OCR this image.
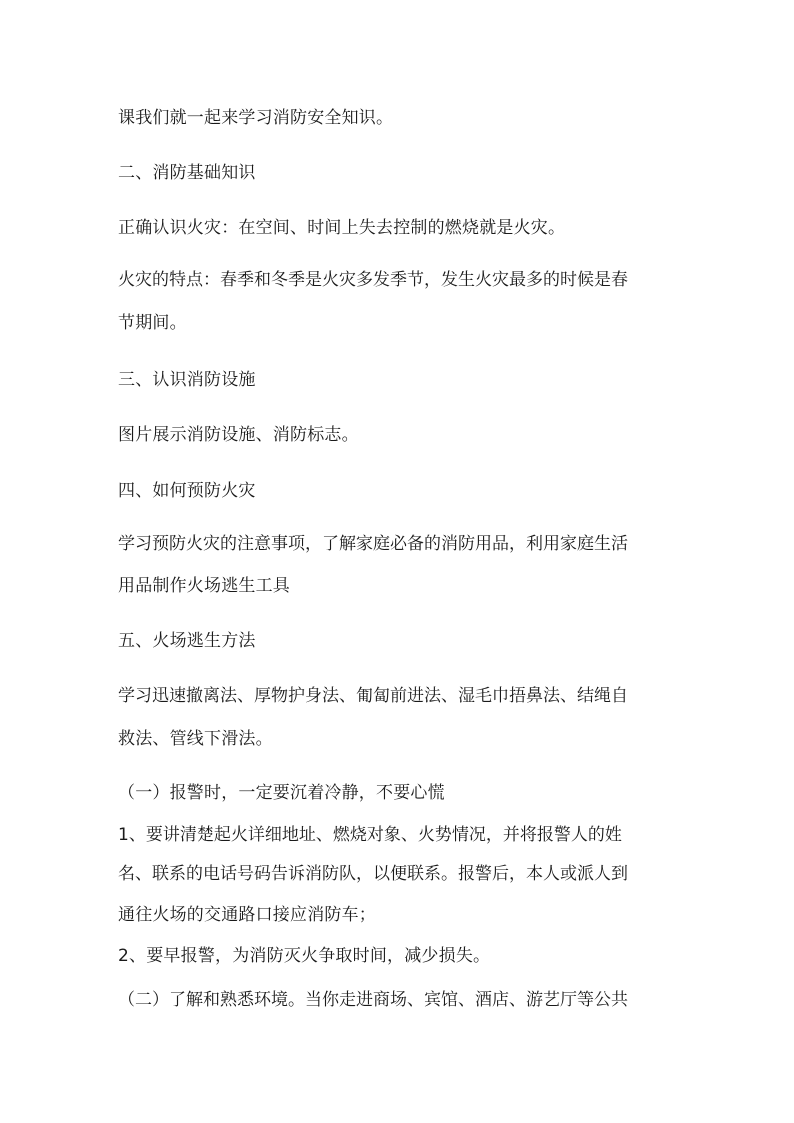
课我们就一起来学习消防安全知识。
二、消防基础知识
正确认识火灾：在空间、时间上失去控制的燃烧就是火灾。
火灾的特点：春季和冬季是火灾多发季节，发生火灾最多的时候是春
节期间。
三、认识消防设施
图片展示消防设施、消防标志。
四、如何预防火灾
学习预防火灾的注意事项，了解家庭必备的消防用品，利用家庭生活
用品制作火场逃生工具
五、火场逃生方法
学习迅速撤离法、厚物护身法、匍匐前进法、湿毛巾捂鼻法、结绳自
救法、管线下滑法。
（一）报警时，一定要沉着冷静，不要心慌
1、要讲清楚起火详细地址、燃烧对象、火势情况，并将报警人的姓
名、联系的电话号码告诉消防队，以便联系。报警后，本人或派人到
通往火场的交通路口接应消防车；
2、要早报警，为消防灭火争取时间，减少损失。
（二）了解和熟悉环境。当你走进商场、宾馆、酒店、游艺厅等公共
